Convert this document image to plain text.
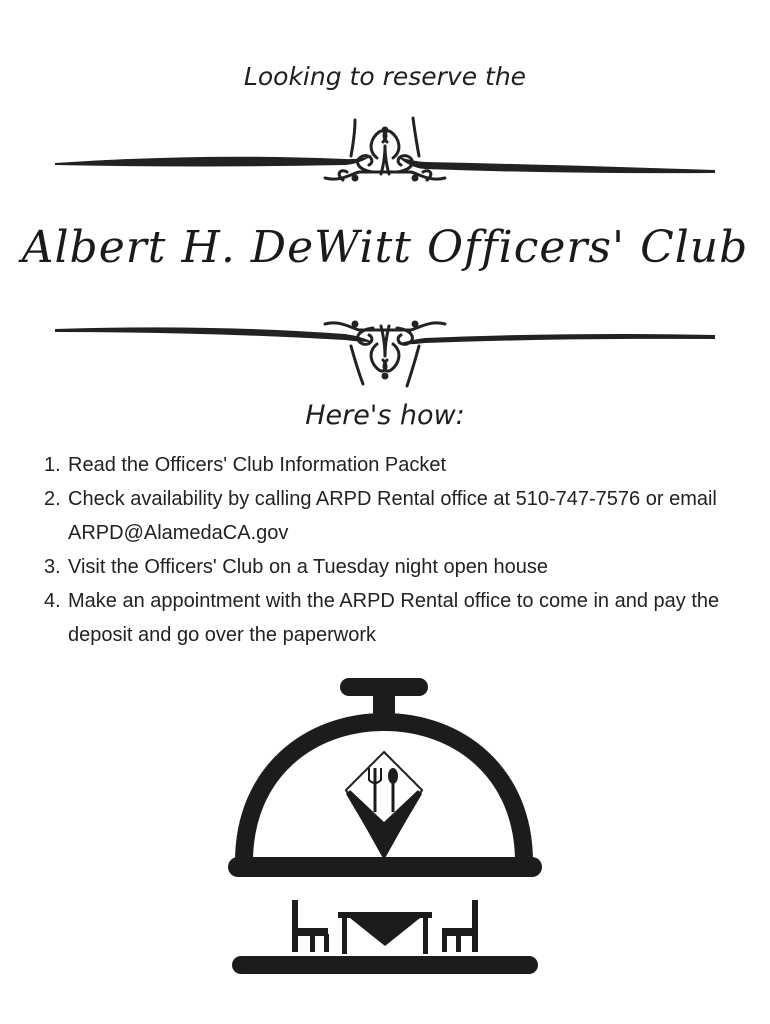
Looking to reserve the
Albert H. DeWitt Officers' Club
Here's how:
1. Read the Officers' Club Information Packet
2. Check availability by calling ARPD Rental office at 510-747-7576 or email ARPD@AlamedaCA.gov
3. Visit the Officers' Club on a Tuesday night open house
4. Make an appointment with the ARPD Rental office to come in and pay the deposit and go over the paperwork
